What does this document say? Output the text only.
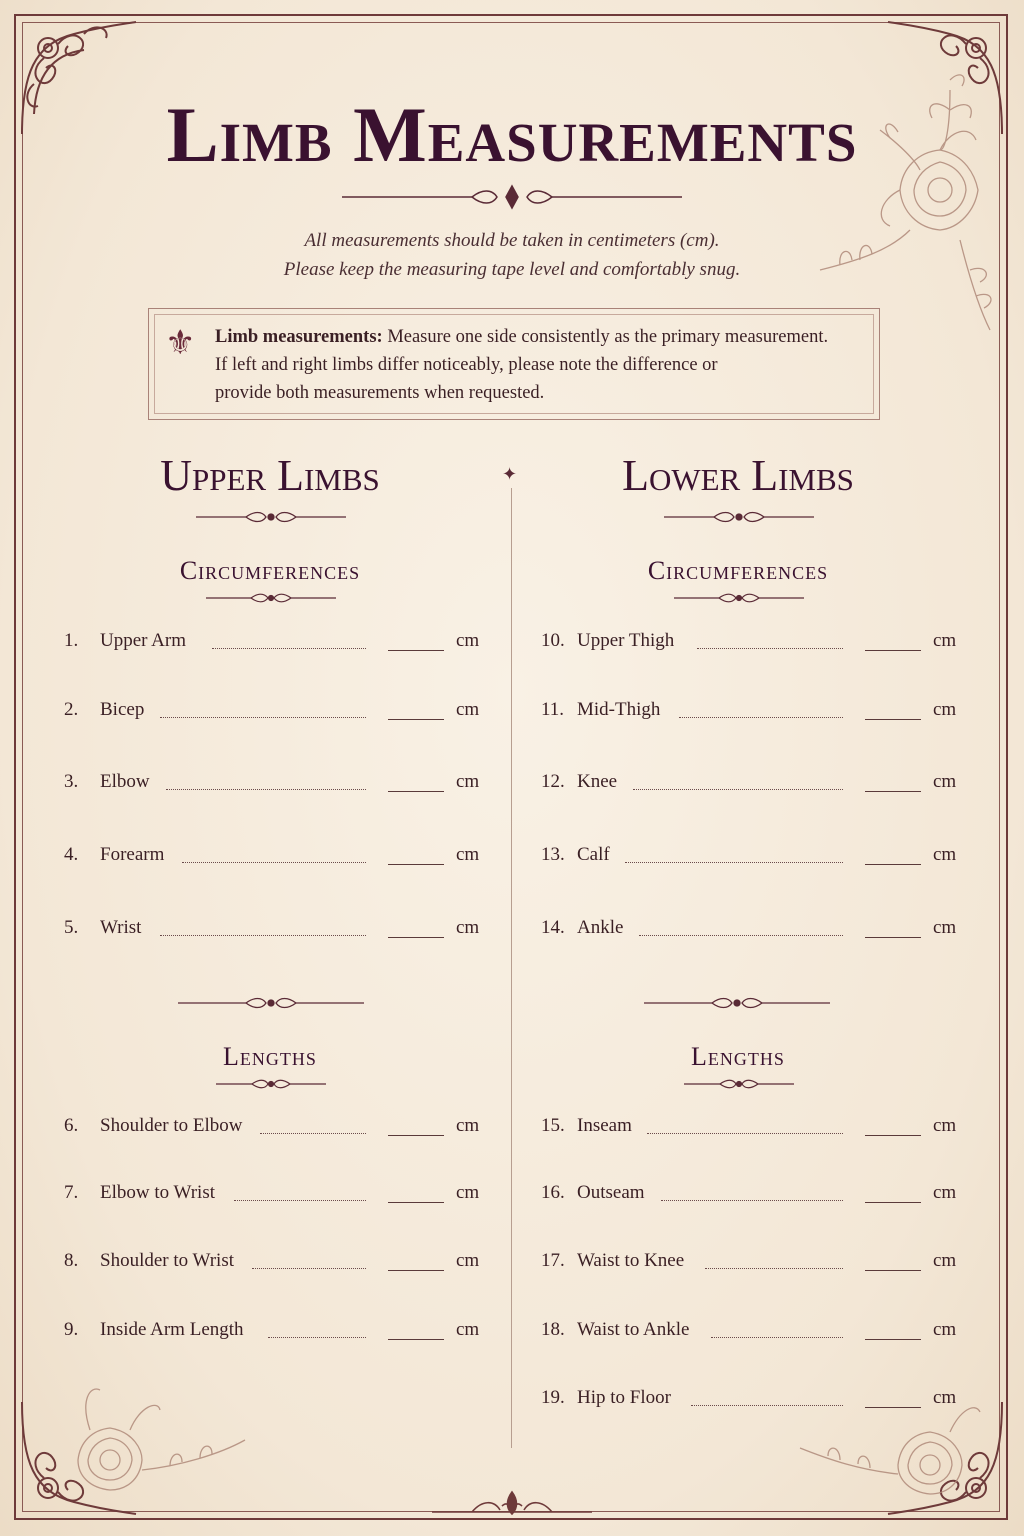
Limb Measurements
All measurements should be taken in centimeters (cm).
Please keep the measuring tape level and comfortably snug.
⚜ Limb measurements: Measure one side consistently as the primary measurement.
If left and right limbs differ noticeably, please note the difference or
provide both measurements when requested.
✦
Upper Limbs
Circumferences
1. Upper Arm	cm
2. Bicep	cm
3. Elbow	cm
4. Forearm	cm
5. Wrist	cm
Lengths
6. Shoulder to Elbow	cm
7. Elbow to Wrist	cm
8. Shoulder to Wrist	cm
9. Inside Arm Length	cm
Lower Limbs
Circumferences
10. Upper Thigh	cm
11. Mid-Thigh	cm
12. Knee	cm
13. Calf	cm
14. Ankle	cm
Lengths
15. Inseam	cm
16. Outseam	cm
17. Waist to Knee	cm
18. Waist to Ankle	cm
19. Hip to Floor	cm
